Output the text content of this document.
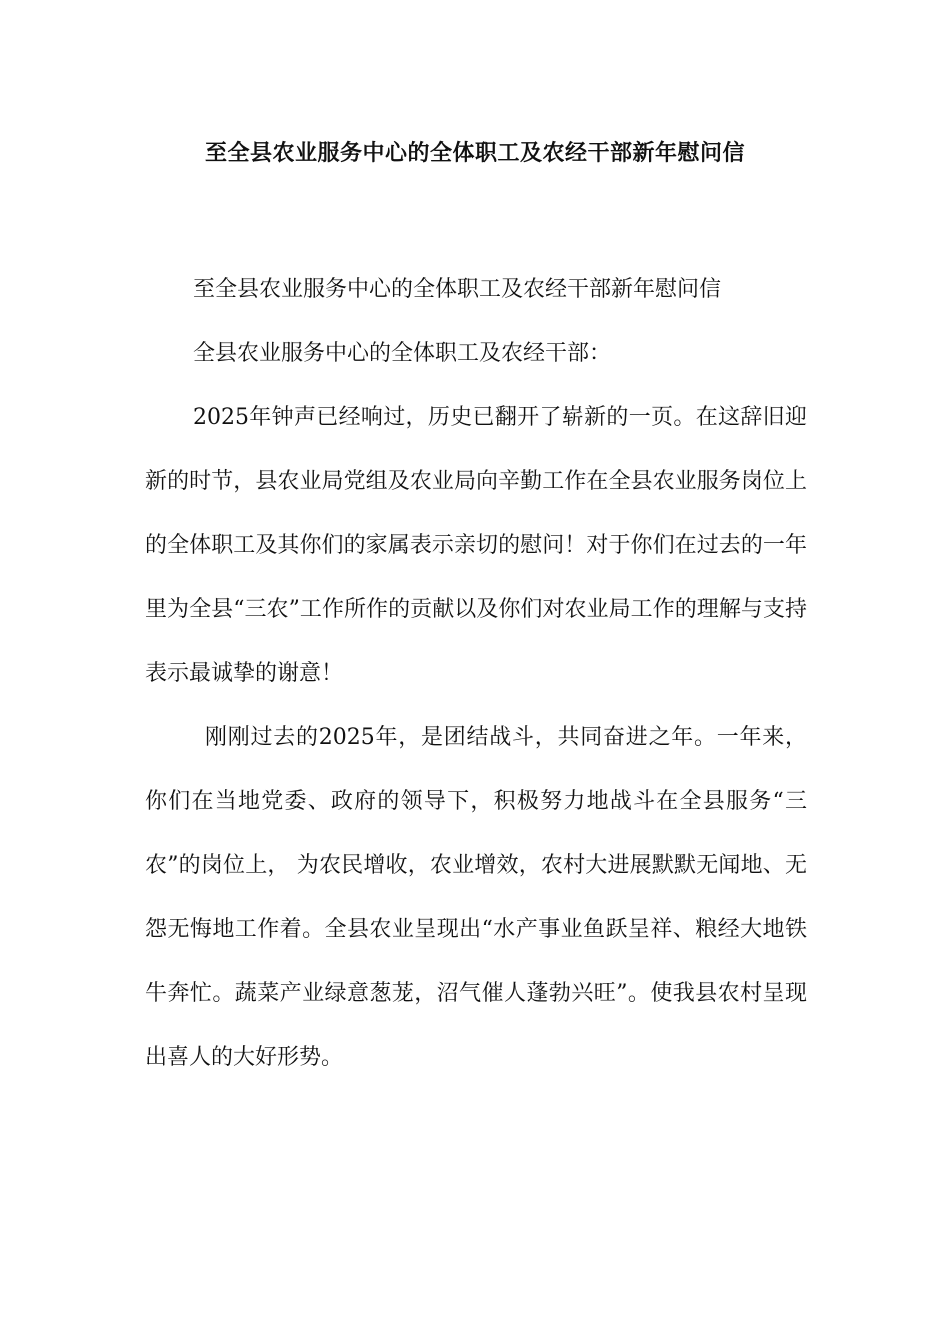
至全县农业服务中心的全体职工及农经干部新年慰问信

至全县农业服务中心的全体职工及农经干部新年慰问信

全县农业服务中心的全体职工及农经干部：

2025年钟声已经响过，历史已翻开了崭新的一页。在这辞旧迎新的时节，县农业局党组及农业局向辛勤工作在全县农业服务岗位上的全体职工及其你们的家属表示亲切的慰问！对于你们在过去的一年里为全县“三农”工作所作的贡献以及你们对农业局工作的理解与支持表示最诚挚的谢意！

刚刚过去的2025年，是团结战斗，共同奋进之年。一年来，你们在当地党委、政府的领导下，积极努力地战斗在全县服务“三农”的岗位上， 为农民增收，农业增效，农村大进展默默无闻地、无怨无悔地工作着。全县农业呈现出“水产事业鱼跃呈祥、粮经大地铁牛奔忙。蔬菜产业绿意葱茏，沼气催人蓬勃兴旺”。使我县农村呈现出喜人的大好形势。
